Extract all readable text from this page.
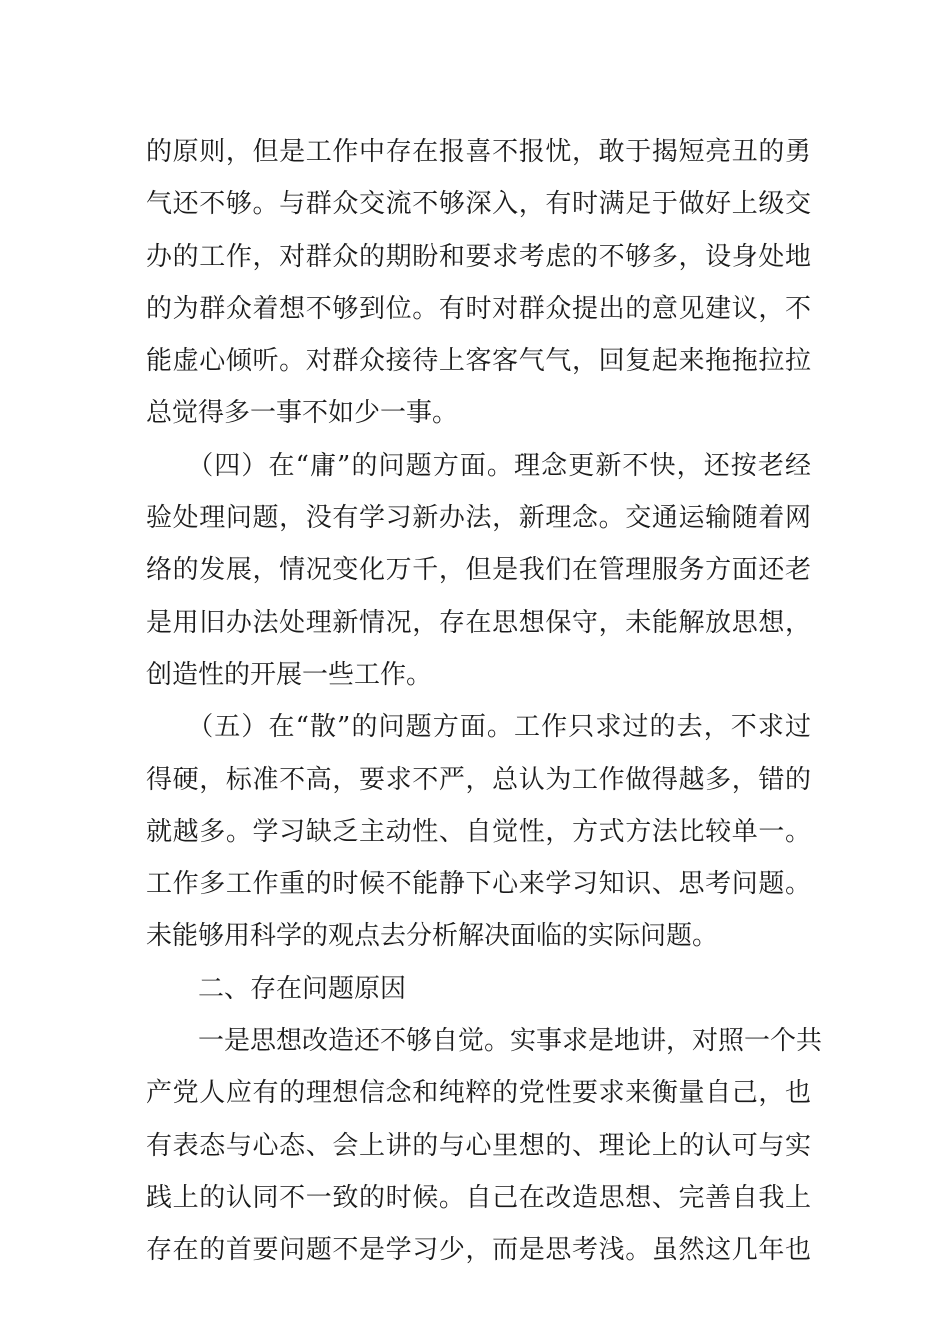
的原则，但是工作中存在报喜不报忧，敢于揭短亮丑的勇
气还不够。与群众交流不够深入，有时满足于做好上级交
办的工作，对群众的期盼和要求考虑的不够多，设身处地
的为群众着想不够到位。有时对群众提出的意见建议，不
能虚心倾听。对群众接待上客客气气，回复起来拖拖拉拉
总觉得多一事不如少一事。
　　（四）在“庸”的问题方面。理念更新不快，还按老经
验处理问题，没有学习新办法，新理念。交通运输随着网
络的发展，情况变化万千，但是我们在管理服务方面还老
是用旧办法处理新情况，存在思想保守，未能解放思想，
创造性的开展一些工作。
　　（五）在“散”的问题方面。工作只求过的去，不求过
得硬，标准不高，要求不严，总认为工作做得越多，错的
就越多。学习缺乏主动性、自觉性，方式方法比较单一。
工作多工作重的时候不能静下心来学习知识、思考问题。
未能够用科学的观点去分析解决面临的实际问题。
　　二、存在问题原因
　　一是思想改造还不够自觉。实事求是地讲，对照一个共
产党人应有的理想信念和纯粹的党性要求来衡量自己，也
有表态与心态、会上讲的与心里想的、理论上的认可与实
践上的认同不一致的时候。自己在改造思想、完善自我上
存在的首要问题不是学习少，而是思考浅。虽然这几年也
